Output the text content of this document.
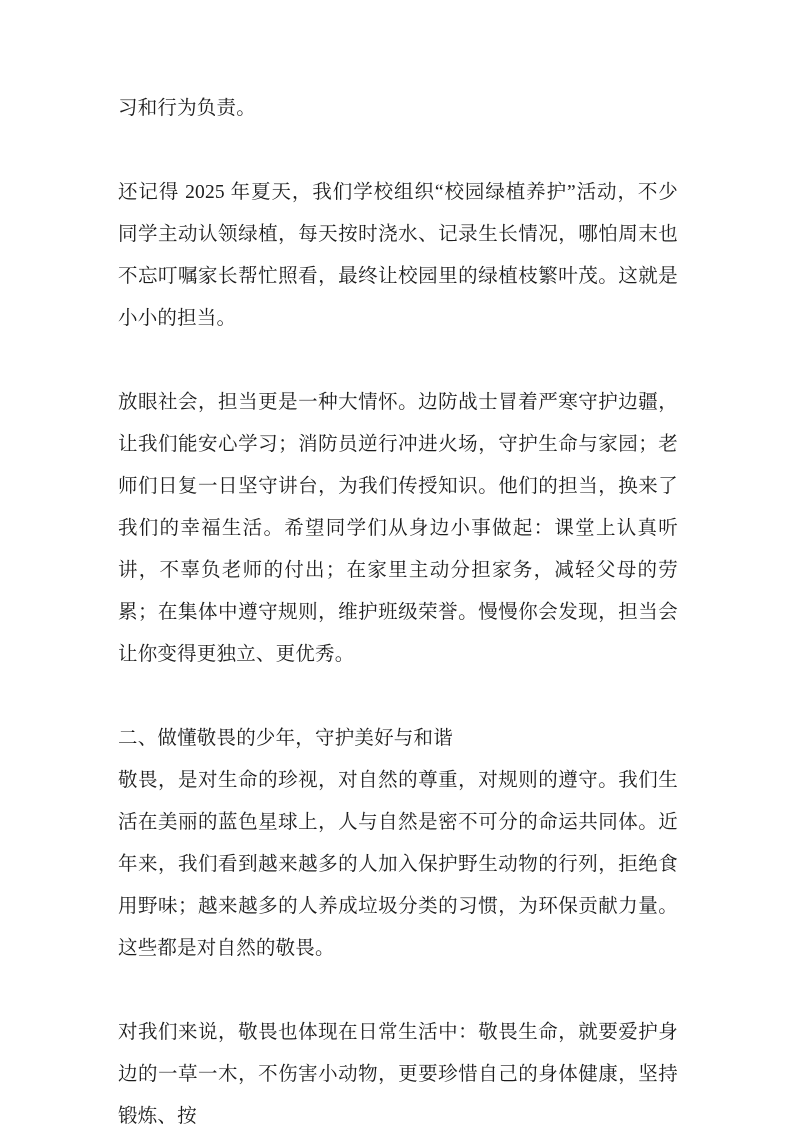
习和行为负责。

还记得 2025 年夏天，我们学校组织“校园绿植养护”活动，不少同学主动认领绿植，每天按时浇水、记录生长情况，哪怕周末也不忘叮嘱家长帮忙照看，最终让校园里的绿植枝繁叶茂。这就是小小的担当。

放眼社会，担当更是一种大情怀。边防战士冒着严寒守护边疆，让我们能安心学习；消防员逆行冲进火场，守护生命与家园；老师们日复一日坚守讲台，为我们传授知识。他们的担当，换来了我们的幸福生活。希望同学们从身边小事做起：课堂上认真听讲，不辜负老师的付出；在家里主动分担家务，减轻父母的劳累；在集体中遵守规则，维护班级荣誉。慢慢你会发现，担当会让你变得更独立、更优秀。

二、做懂敬畏的少年，守护美好与和谐

敬畏，是对生命的珍视，对自然的尊重，对规则的遵守。我们生活在美丽的蓝色星球上，人与自然是密不可分的命运共同体。近年来，我们看到越来越多的人加入保护野生动物的行列，拒绝食用野味；越来越多的人养成垃圾分类的习惯，为环保贡献力量。这些都是对自然的敬畏。

对我们来说，敬畏也体现在日常生活中：敬畏生命，就要爱护身边的一草一木，不伤害小动物，更要珍惜自己的身体健康，坚持锻炼、按
